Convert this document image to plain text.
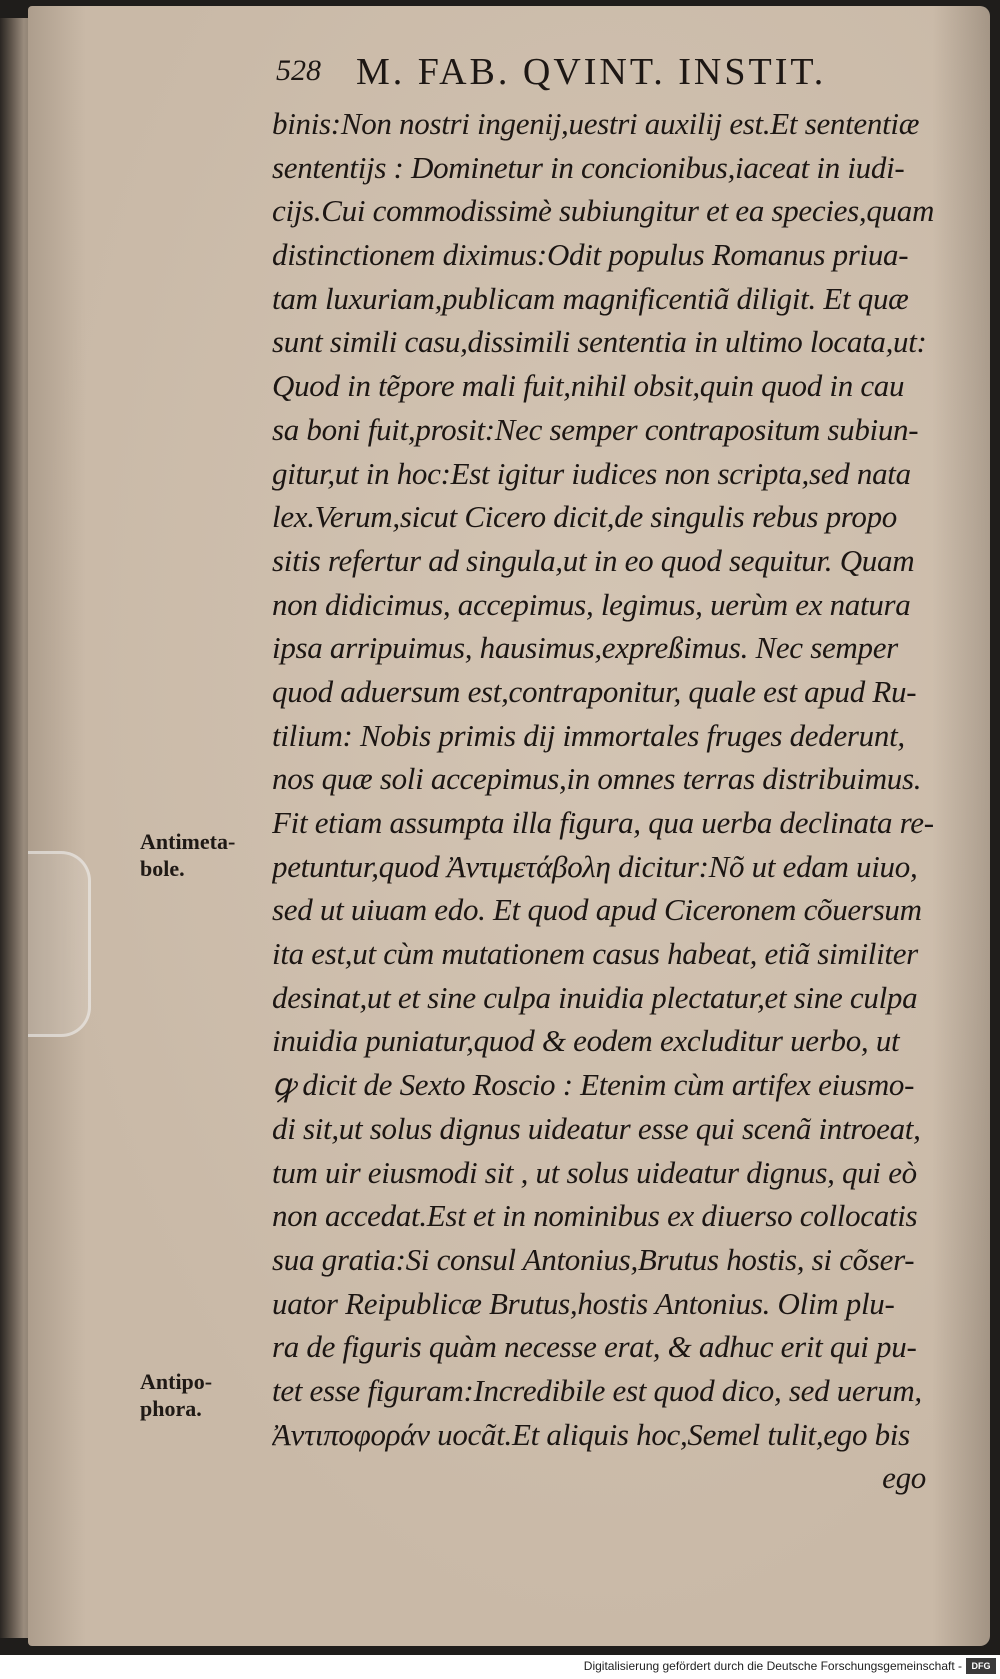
528 M. FAB. QVINT. INSTIT.
binis:Non nostri ingenij,uestri auxilij est.Et sententiæ
sententijs : Dominetur in concionibus,iaceat in iudi-
cijs.Cui commodissimè subiungitur et ea species,quam
distinctionem diximus:Odit populus Romanus priua-
tam luxuriam,publicam magnificentiã diligit. Et quæ
sunt simili casu,dissimili sententia in ultimo locata,ut:
Quod in tẽpore mali fuit,nihil obsit,quin quod in cau
sa boni fuit,prosit:Nec semper contrapositum subiun-
gitur,ut in hoc:Est igitur iudices non scripta,sed nata
lex.Verum,sicut Cicero dicit,de singulis rebus propo
sitis refertur ad singula,ut in eo quod sequitur. Quam
non didicimus, accepimus, legimus, uerùm ex natura
ipsa arripuimus, hausimus,expreßimus. Nec semper
quod aduersum est,contraponitur, quale est apud Ru-
tilium: Nobis primis dij immortales fruges dederunt,
nos quæ soli accepimus,in omnes terras distribuimus.
Fit etiam assumpta illa figura, qua uerba declinata re-
petuntur,quod Ἀντιμετάβολη dicitur:Nõ ut edam uiuo,
sed ut uiuam edo. Et quod apud Ciceronem cõuersum
ita est,ut cùm mutationem casus habeat, etiã similiter
desinat,ut et sine culpa inuidia plectatur,et sine culpa
inuidia puniatur,quod & eodem excluditur uerbo, ut
ꝙ dicit de Sexto Roscio : Etenim cùm artifex eiusmo-
di sit,ut solus dignus uideatur esse qui scenã introeat,
tum uir eiusmodi sit , ut solus uideatur dignus, qui eò
non accedat.Est et in nominibus ex diuerso collocatis
sua gratia:Si consul Antonius,Brutus hostis, si cõser-
uator Reipublicæ Brutus,hostis Antonius. Olim plu-
ra de figuris quàm necesse erat, & adhuc erit qui pu-
tet esse figuram:Incredibile est quod dico, sed uerum,
Ἀντιποφοράν uocãt.Et aliquis hoc,Semel tulit,ego bis
ego
Antimeta-
bole.
Antipo-
phora.
Digitalisierung gefördert durch die Deutsche Forschungsgemeinschaft -	DFG
